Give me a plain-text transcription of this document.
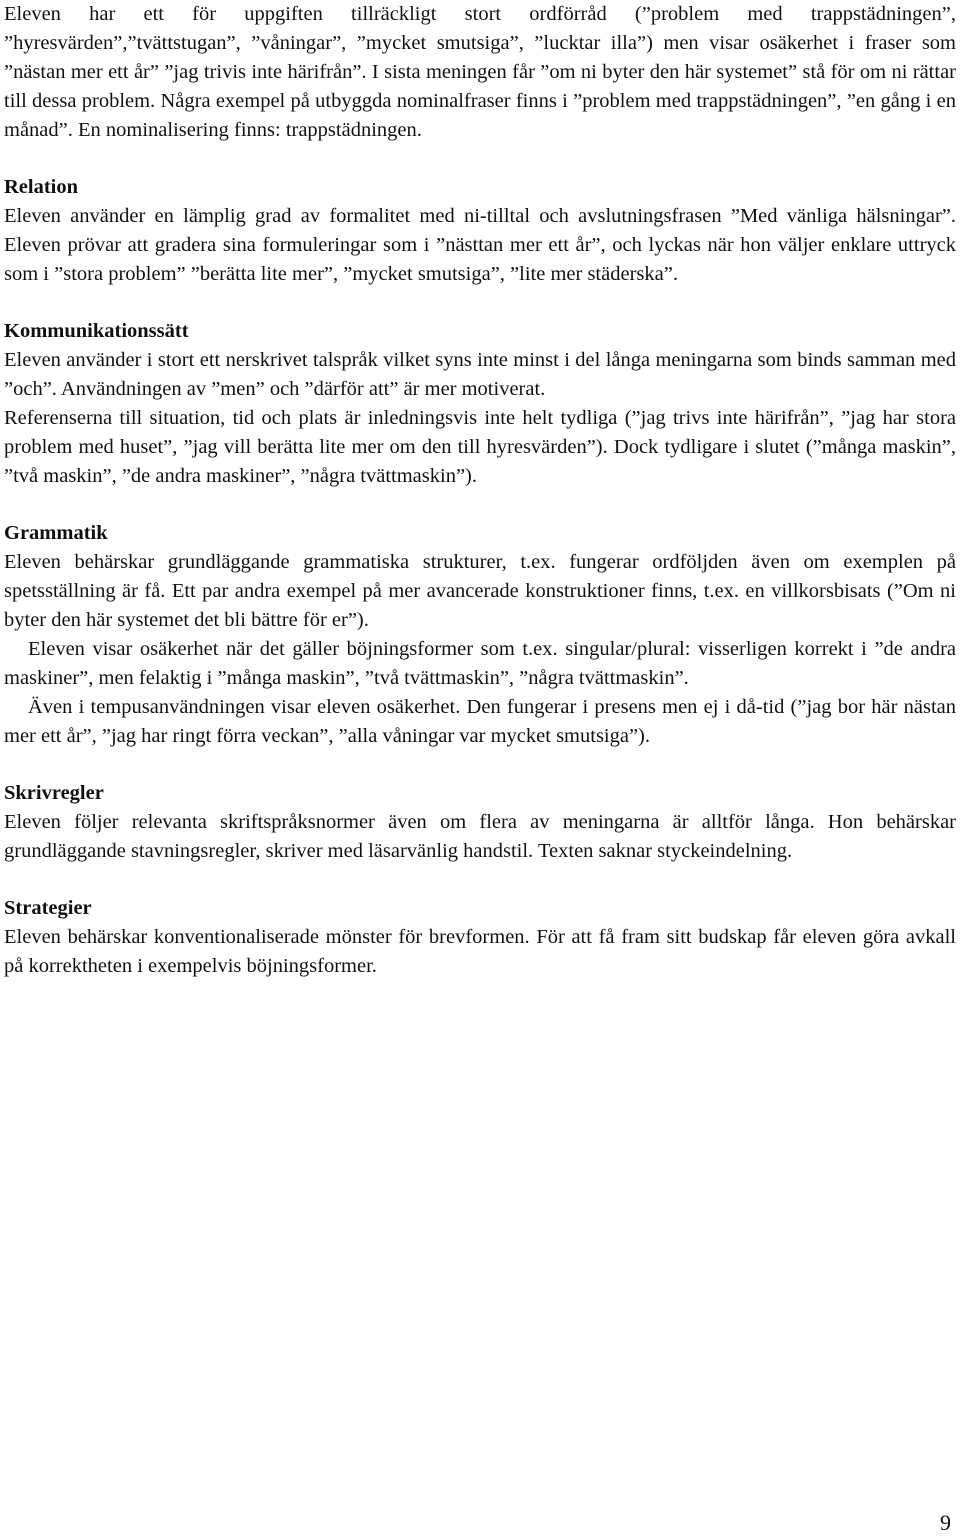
Eleven har ett för uppgiften tillräckligt stort ordförråd (”problem med trappstädningen”, ”hyresvärden”,”tvättstugan”, ”våningar”, ”mycket smutsiga”, ”lucktar illa”) men visar osäkerhet i fraser som ”nästan mer ett år” ”jag trivis inte härifrån”. I sista meningen får ”om ni byter den här systemet” stå för om ni rättar till dessa problem. Några exempel på utbyggda nominalfraser finns i ”problem med trappstädningen”, ”en gång i en månad”. En nominalisering finns: trappstädningen.

Relation

Eleven använder en lämplig grad av formalitet med ni-tilltal och avslutningsfrasen ”Med vänliga hälsningar”. Eleven prövar att gradera sina formuleringar som i ”nästtan mer ett år”, och lyckas när hon väljer enklare uttryck som i ”stora problem” ”berätta lite mer”, ”mycket smutsiga”, ”lite mer städerska”.

Kommunikationssätt

Eleven använder i stort ett nerskrivet talspråk vilket syns inte minst i del långa meningarna som binds samman med ”och”. Användningen av ”men” och ”därför att” är mer motiverat.

Referenserna till situation, tid och plats är inledningsvis inte helt tydliga (”jag trivs inte härifrån”, ”jag har stora problem med huset”, ”jag vill berätta lite mer om den till hyresvärden”). Dock tydligare i slutet (”många maskin”, ”två maskin”, ”de andra maskiner”, ”några tvättmaskin”).

Grammatik

Eleven behärskar grundläggande grammatiska strukturer, t.ex. fungerar ordföljden även om exemplen på spetsställning är få. Ett par andra exempel på mer avancerade konstruktioner finns, t.ex. en villkorsbisats (”Om ni byter den här systemet det bli bättre för er”).

Eleven visar osäkerhet när det gäller böjningsformer som t.ex. singular/plural: visserligen korrekt i ”de andra maskiner”, men felaktig i ”många maskin”, ”två tvättmaskin”, ”några tvättmaskin”.

Även i tempusanvändningen visar eleven osäkerhet. Den fungerar i presens men ej i då-tid (”jag bor här nästan mer ett år”, ”jag har ringt förra veckan”, ”alla våningar var mycket smutsiga”).

Skrivregler

Eleven följer relevanta skriftspråksnormer även om flera av meningarna är alltför långa. Hon behärskar grundläggande stavningsregler, skriver med läsarvänlig handstil. Texten saknar styckeindelning.

Strategier

Eleven behärskar konventionaliserade mönster för brevformen. För att få fram sitt budskap får eleven göra avkall på korrektheten i exempelvis böjningsformer.

9
